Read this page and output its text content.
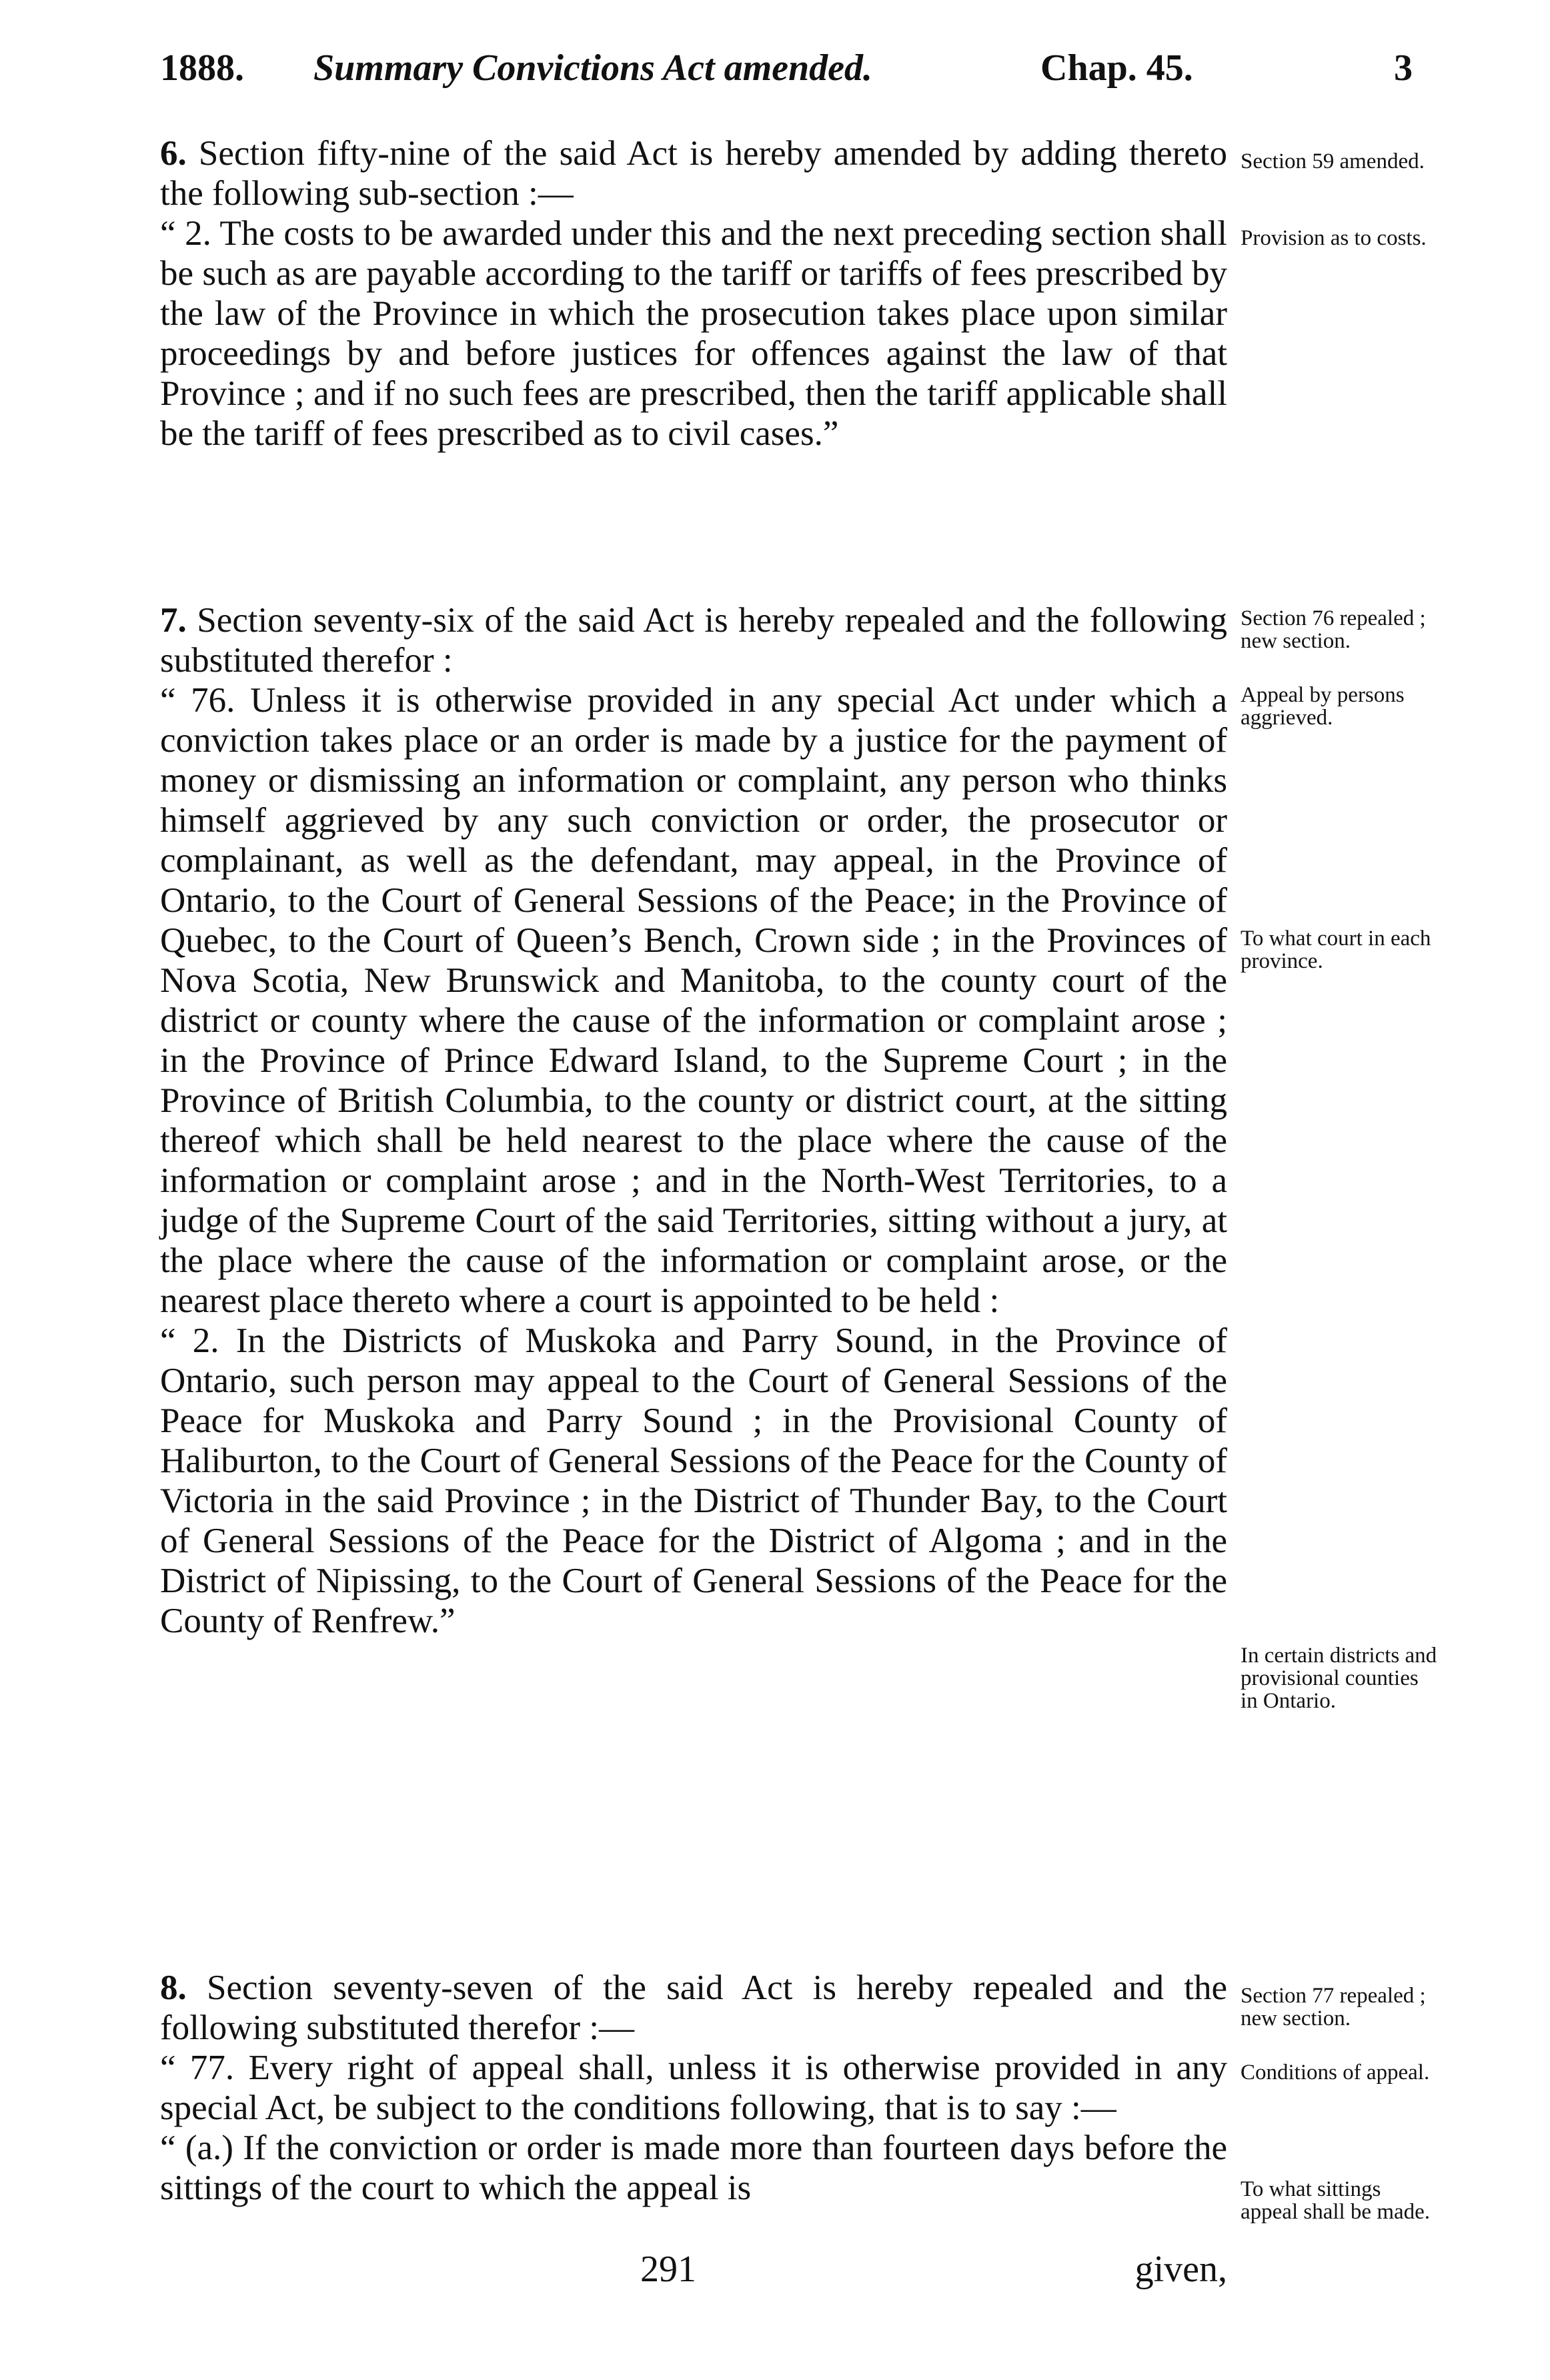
1888. Summary Convictions Act amended.	Chap. 45.	3

6. Section fifty-nine of the said Act is hereby amended by adding thereto the following sub-section :—

“ 2. The costs to be awarded under this and the next preceding section shall be such as are payable according to the tariff or tariffs of fees prescribed by the law of the Province in which the prosecution takes place upon similar proceedings by and before justices for offences against the law of that Province ; and if no such fees are prescribed, then the tariff applicable shall be the tariff of fees prescribed as to civil cases.”

7. Section seventy-six of the said Act is hereby repealed and the following substituted therefor :

“ 76. Unless it is otherwise provided in any special Act under which a conviction takes place or an order is made by a justice for the payment of money or dismissing an information or complaint, any person who thinks himself aggrieved by any such conviction or order, the prosecutor or complainant, as well as the defendant, may appeal, in the Province of Ontario, to the Court of General Sessions of the Peace; in the Province of Quebec, to the Court of Queen’s Bench, Crown side ; in the Provinces of Nova Scotia, New Brunswick and Manitoba, to the county court of the district or county where the cause of the information or complaint arose ; in the Province of Prince Edward Island, to the Supreme Court ; in the Province of British Columbia, to the county or district court, at the sitting thereof which shall be held nearest to the place where the cause of the information or complaint arose ; and in the North-West Territories, to a judge of the Supreme Court of the said Territories, sitting without a jury, at the place where the cause of the information or complaint arose, or the nearest place thereto where a court is appointed to be held :

“ 2. In the Districts of Muskoka and Parry Sound, in the Province of Ontario, such person may appeal to the Court of General Sessions of the Peace for Muskoka and Parry Sound ; in the Provisional County of Haliburton, to the Court of General Sessions of the Peace for the County of Victoria in the said Province ; in the District of Thunder Bay, to the Court of General Sessions of the Peace for the District of Algoma ; and in the District of Nipissing, to the Court of General Sessions of the Peace for the County of Renfrew.”

8. Section seventy-seven of the said Act is hereby repealed and the following substituted therefor :—

“ 77. Every right of appeal shall, unless it is otherwise provided in any special Act, be subject to the conditions following, that is to say :—

“ (a.) If the conviction or order is made more than fourteen days before the sittings of the court to which the appeal is

Section 59 amended.
Provision as to costs.
Section 76 repealed ; new section.
Appeal by persons aggrieved.
To what court in each province.
In certain districts and provisional counties in Ontario.
Section 77 repealed ; new section.
Conditions of appeal.
To what sittings appeal shall be made.
291	given,
